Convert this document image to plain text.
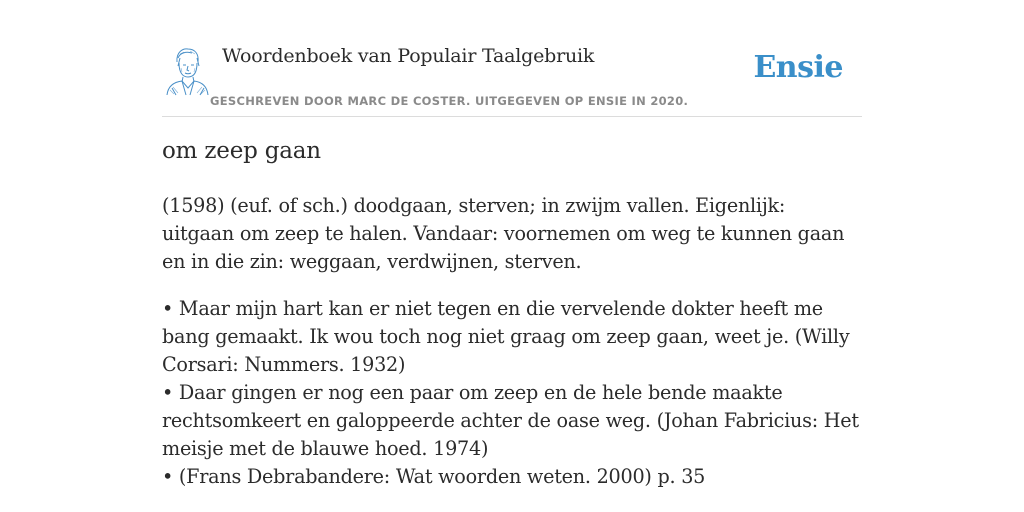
Woordenboek van Populair Taalgebruik
GESCHREVEN DOOR MARC DE COSTER. UITGEGEVEN OP ENSIE IN 2020.
Ensie
om zeep gaan

(1598) (euf. of sch.) doodgaan, sterven; in zwijm vallen. Eigenlijk: uitgaan om zeep te halen. Vandaar: voornemen om weg te kunnen gaan en in die zin: weggaan, verdwijnen, sterven.

• Maar mijn hart kan er niet tegen en die vervelende dokter heeft me bang gemaakt. Ik wou toch nog niet graag om zeep gaan, weet je. (Willy Corsari: Nummers. 1932)
• Daar gingen er nog een paar om zeep en de hele bende maakte rechtsomkeert en galoppeerde achter de oase weg. (Johan Fabricius: Het meisje met de blauwe hoed. 1974)
• (Frans Debrabandere: Wat woorden weten. 2000) p. 35
